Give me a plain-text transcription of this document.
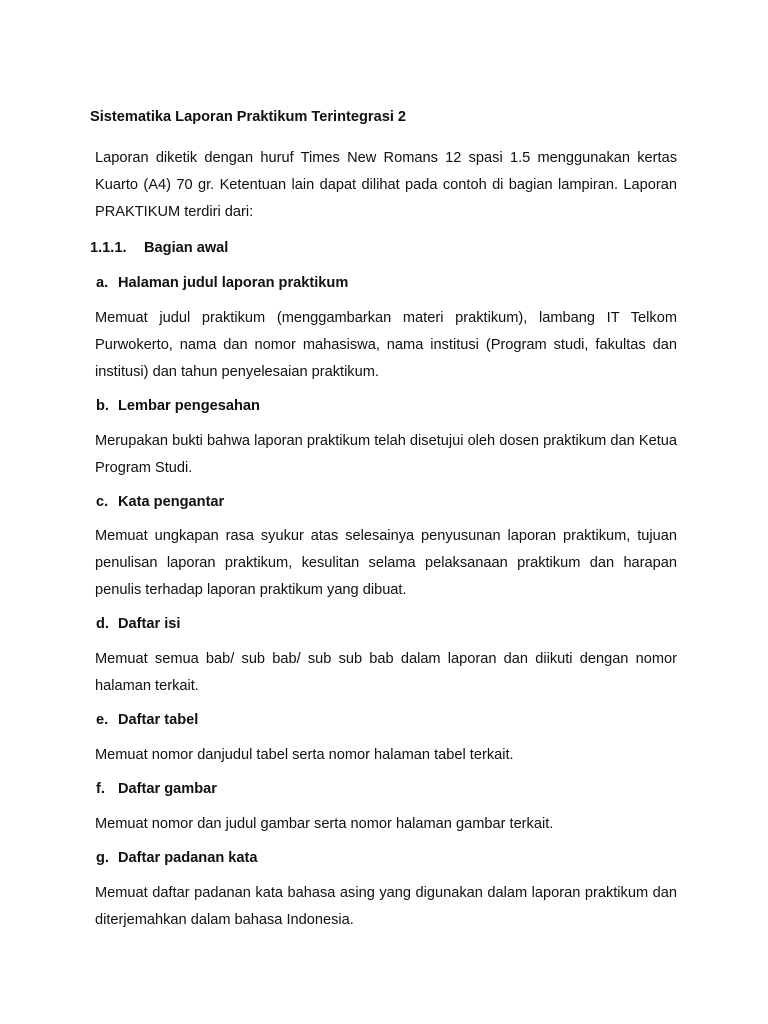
Sistematika Laporan Praktikum Terintegrasi 2

Laporan diketik dengan huruf Times New Romans 12 spasi 1.5 menggunakan kertas Kuarto (A4) 70 gr. Ketentuan lain dapat dilihat pada contoh di bagian lampiran. Laporan PRAKTIKUM terdiri dari:

1.1.1. Bagian awal
a. Halaman judul laporan praktikum

Memuat judul praktikum (menggambarkan materi praktikum), lambang IT Telkom Purwokerto, nama dan nomor mahasiswa, nama institusi (Program studi, fakultas dan institusi) dan tahun penyelesaian praktikum.

b. Lembar pengesahan

Merupakan bukti bahwa laporan praktikum telah disetujui oleh dosen praktikum dan Ketua Program Studi.

c. Kata pengantar

Memuat ungkapan rasa syukur atas selesainya penyusunan laporan praktikum, tujuan penulisan laporan praktikum, kesulitan selama pelaksanaan praktikum dan harapan penulis terhadap laporan praktikum yang dibuat.

d. Daftar isi

Memuat semua bab/ sub bab/ sub sub bab dalam laporan dan diikuti dengan nomor halaman terkait.

e. Daftar tabel

Memuat nomor danjudul tabel serta nomor halaman tabel terkait.

f. Daftar gambar

Memuat nomor dan judul gambar serta nomor halaman gambar terkait.

g. Daftar padanan kata

Memuat daftar padanan kata bahasa asing yang digunakan dalam laporan praktikum dan diterjemahkan dalam bahasa Indonesia.
